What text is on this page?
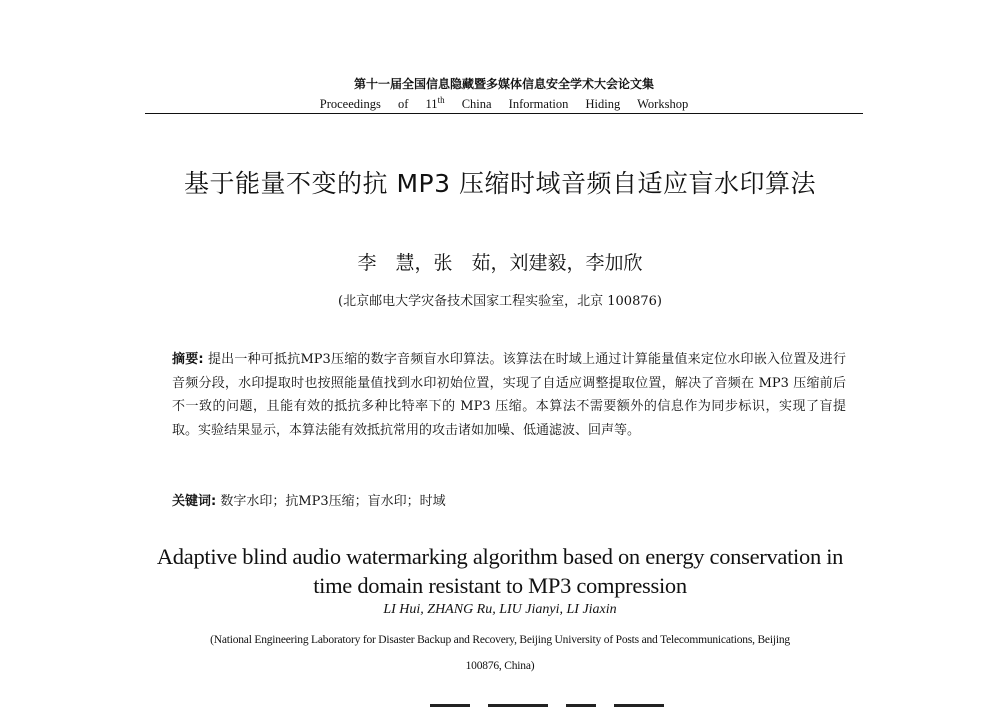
第十一届全国信息隐藏暨多媒体信息安全学术大会论文集
Proceedings of 11th China Information Hiding Workshop
基于能量不变的抗 MP3 压缩时域音频自适应盲水印算法
李　慧，张　茹，刘建毅，李加欣
(北京邮电大学灾备技术国家工程实验室，北京 100876)
摘要: 提出一种可抵抗MP3压缩的数字音频盲水印算法。该算法在时域上通过计算能量值来定位水印嵌入位置及进行音频分段，水印提取时也按照能量值找到水印初始位置，实现了自适应调整提取位置，解决了音频在 MP3 压缩前后不一致的问题，且能有效的抵抗多种比特率下的 MP3 压缩。本算法不需要额外的信息作为同步标识，实现了盲提取。实验结果显示，本算法能有效抵抗常用的攻击诸如加噪、低通滤波、回声等。
关键词: 数字水印；抗MP3压缩；盲水印；时域
Adaptive blind audio watermarking algorithm based on energy conservation in
time domain resistant to MP3 compression
LI Hui, ZHANG Ru, LIU Jianyi, LI Jiaxin
(National Engineering Laboratory for Disaster Backup and Recovery, Beijing University of Posts and Telecommunications, Beijing
100876, China)
